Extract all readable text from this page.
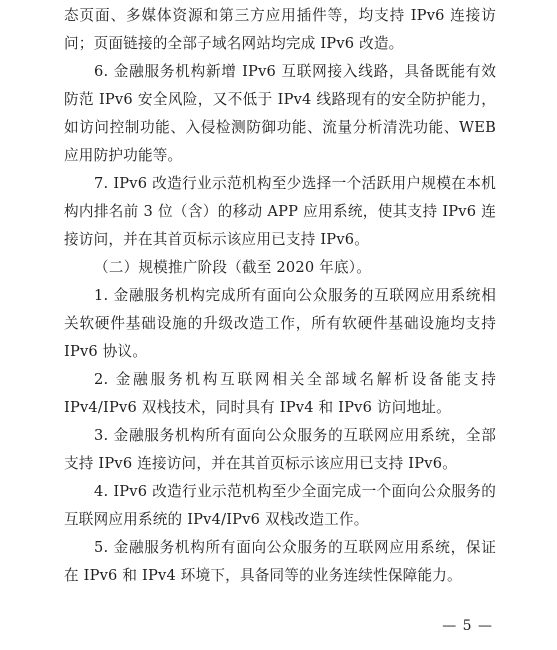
态页面、多媒体资源和第三方应用插件等，均支持 IPv6 连接访问；页面链接的全部子域名网站均完成 IPv6 改造。

6. 金融服务机构新增 IPv6 互联网接入线路，具备既能有效防范 IPv6 安全风险，又不低于 IPv4 线路现有的安全防护能力，如访问控制功能、入侵检测防御功能、流量分析清洗功能、WEB 应用防护功能等。

7. IPv6 改造行业示范机构至少选择一个活跃用户规模在本机构内排名前 3 位（含）的移动 APP 应用系统，使其支持 IPv6 连接访问，并在其首页标示该应用已支持 IPv6。

（二）规模推广阶段（截至 2020 年底）。

1. 金融服务机构完成所有面向公众服务的互联网应用系统相关软硬件基础设施的升级改造工作，所有软硬件基础设施均支持 IPv6 协议。

2. 金融服务机构互联网相关全部域名解析设备能支持 IPv4/IPv6 双栈技术，同时具有 IPv4 和 IPv6 访问地址。

3. 金融服务机构所有面向公众服务的互联网应用系统，全部支持 IPv6 连接访问，并在其首页标示该应用已支持 IPv6。

4. IPv6 改造行业示范机构至少全面完成一个面向公众服务的互联网应用系统的 IPv4/IPv6 双栈改造工作。

5. 金融服务机构所有面向公众服务的互联网应用系统，保证在 IPv6 和 IPv4 环境下，具备同等的业务连续性保障能力。

— 5 —
